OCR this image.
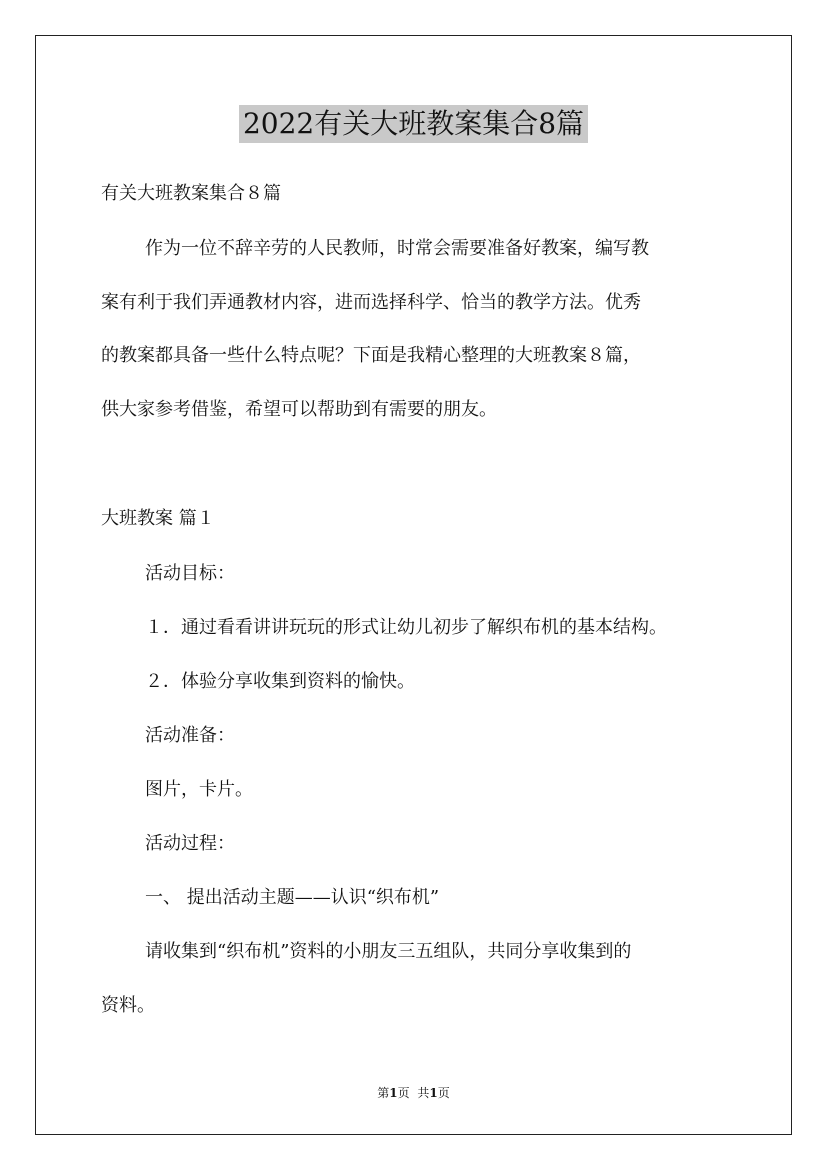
2022有关大班教案集合8篇

有关大班教案集合８篇

作为一位不辞辛劳的人民教师，时常会需要准备好教案，编写教

案有利于我们弄通教材内容，进而选择科学、恰当的教学方法。优秀

的教案都具备一些什么特点呢？下面是我精心整理的大班教案８篇，

供大家参考借鉴，希望可以帮助到有需要的朋友。

大班教案 篇１

活动目标：

１．通过看看讲讲玩玩的形式让幼儿初步了解织布机的基本结构。

２．体验分享收集到资料的愉快。

活动准备：

图片，卡片。

活动过程：

一、 提出活动主题——认识“织布机”

请收集到“织布机”资料的小朋友三五组队，共同分享收集到的

资料。

第1页 共1页
